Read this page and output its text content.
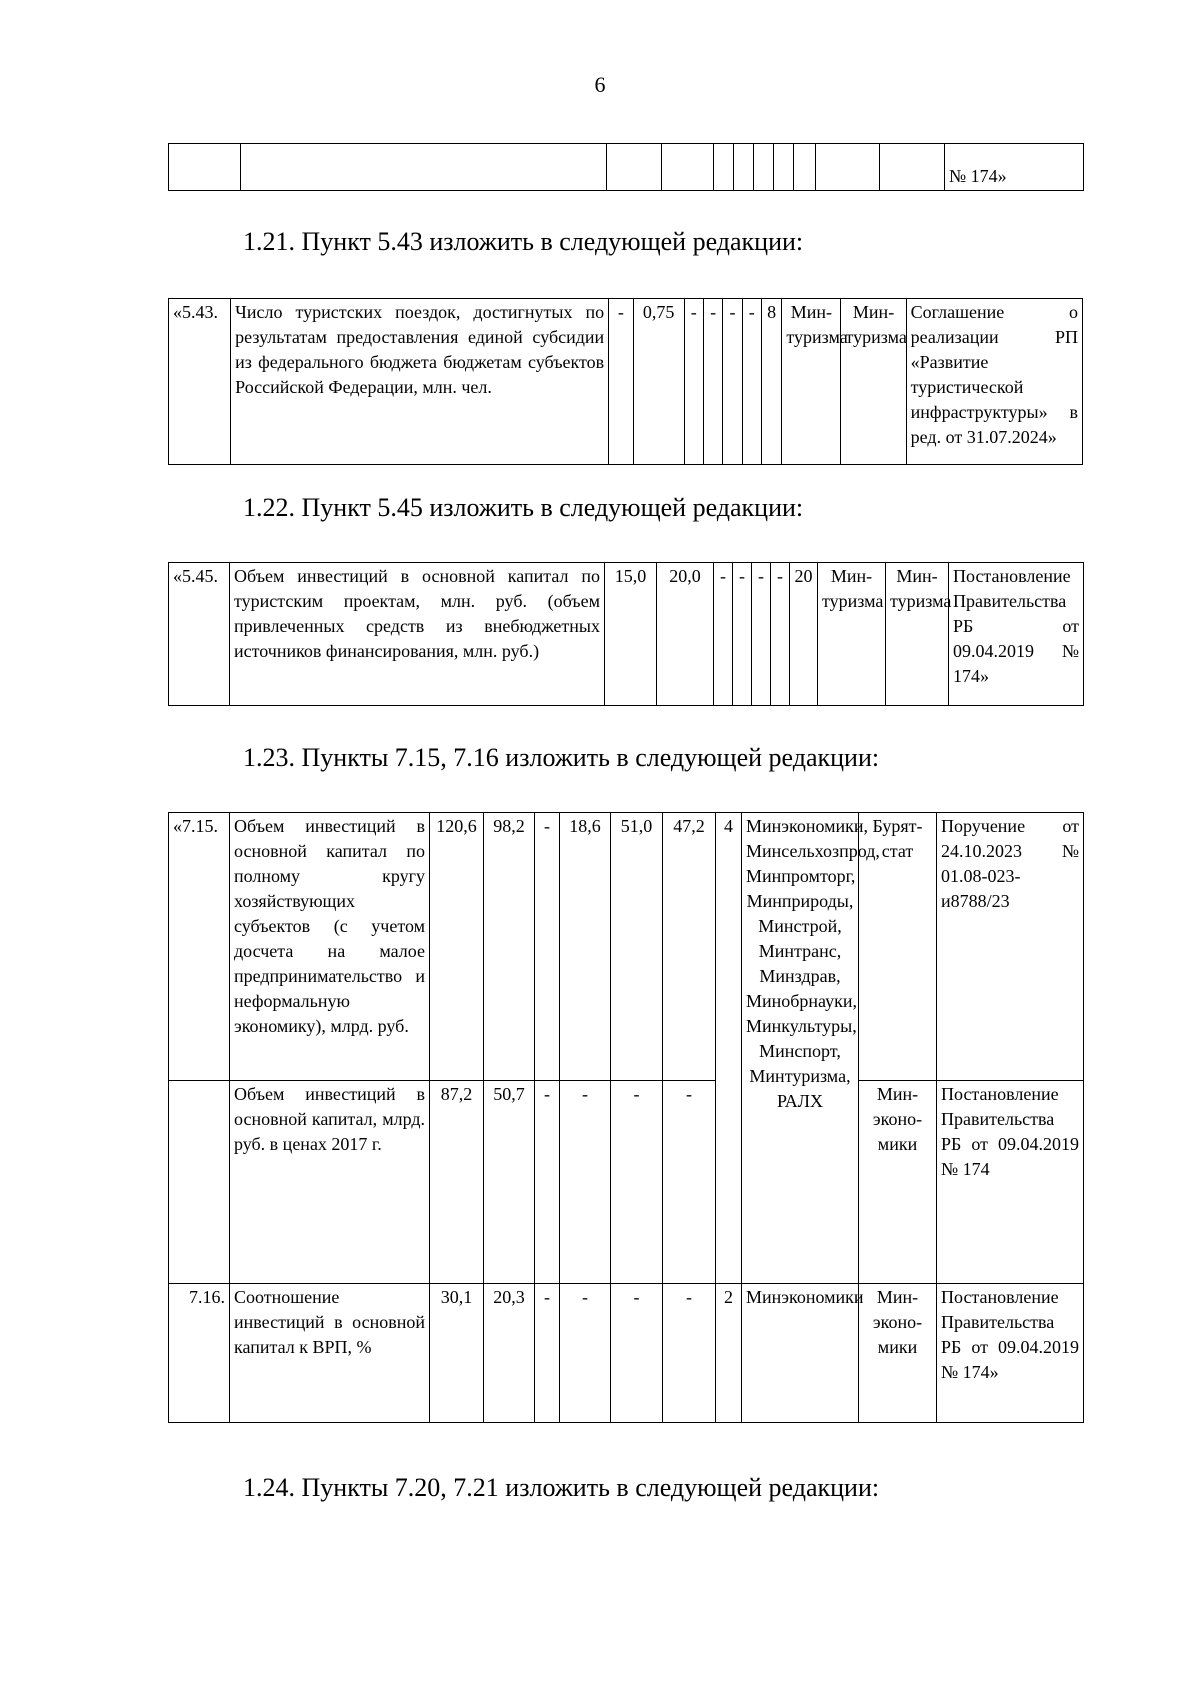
6
											№ 174»
1.21. Пункт 5.43 изложить в следующей редакции:
«5.43.	Число туристских поездок, достигнутых по результатам предоставления единой субсидии из федерального бюджета бюджетам субъектов Российской Федерации, млн. чел.	-	0,75	-	-	-	-	8	Мин-туризма	Мин-туризма	Соглашение о реализации РП «Развитие туристической инфраструктуры» в ред. от 31.07.2024»
1.22. Пункт 5.45 изложить в следующей редакции:
«5.45.	Объем инвестиций в основной капитал по туристским проектам, млн. руб. (объем привлеченных средств из внебюджетных источников финансирования, млн. руб.)	15,0	20,0	-	-	-	-	20	Мин-туризма	Мин-туризма	Постановление Правительства РБ от 09.04.2019 № 174»
1.23. Пункты 7.15, 7.16 изложить в следующей редакции:
«7.15.	Объем инвестиций в основной капитал по полному кругу хозяйствующих субъектов (с учетом досчета на малое предпринимательство и неформальную экономику), млрд. руб.	120,6	98,2	-	18,6	51,0	47,2	4	Минэкономики, Минсельхозпрод, Минпромторг, Минприроды, Минстрой, Минтранс, Минздрав, Минобрнауки, Минкультуры, Минспорт, Минтуризма, РАЛХ	Бурят-стат	Поручение от 24.10.2023 № 01.08-023-и8788/23
	Объем инвестиций в основной капитал, млрд. руб. в ценах 2017 г.	87,2	50,7	-	-	-	-			Мин-эконо-мики	Постановление Правительства РБ от 09.04.2019 № 174
7.16.	Соотношение инвестиций в основной капитал к ВРП, %	30,1	20,3	-	-	-	-	2	Минэкономики	Мин-эконо-мики	Постановление Правительства РБ от 09.04.2019 № 174»
1.24. Пункты 7.20, 7.21 изложить в следующей редакции:
